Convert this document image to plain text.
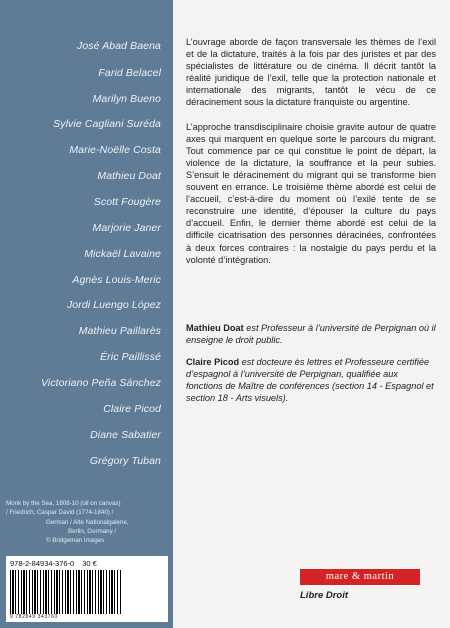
José Abad Baena
Farid Belacel
Marilyn Bueno
Sylvie Cagliani Suréda
Marie-Noëlle Costa
Mathieu Doat
Scott Fougère
Marjorie Janer
Mickaël Lavaine
Agnès Louis-Meric
Jordi Luengo López
Mathieu Paillarès
Éric Paillissé
Victoriano Peña Sánchez
Claire Picod
Diane Sabatier
Grégory Tuban
Monk by the Sea, 1808-10 (oil on canvas)
/ Friedrich, Caspar David (1774-1840) /
German / Alte Nationalgalerie,
Berlin, Germany /
© Bridgeman Images
978-2-84934-376-0 30 €
9 782849 343760

L’ouvrage aborde de façon transversale les thèmes de l’exil et de la dictature, traités à la fois par des juristes et par des spécialistes de littérature ou de cinéma. Il décrit tantôt la réalité juridique de l’exil, telle que la protection nationale et internationale des migrants, tantôt le vécu de ce déracinement sous la dictature franquiste ou argentine.

L’approche transdisciplinaire choisie gravite autour de quatre axes qui marquent en quelque sorte le parcours du migrant. Tout commence par ce qui constitue le point de départ, la violence de la dictature, la souffrance et la peur subies. S’ensuit le déracinement du migrant qui se transforme bien souvent en errance. Le troisième thème abordé est celui de l’accueil, c’est-à-dire du moment où l’exilé tente de se reconstruire une identité, d’épouser la culture du pays d’accueil. Enfin, le dernier thème abordé est celui de la difficile cicatrisation des personnes déracinées, confrontées à deux forces contraires : la nostalgie du pays perdu et la volonté d’intégration.

Mathieu Doat est Professeur à l’université de Perpignan où il enseigne le droit public.

Claire Picod est docteure ès lettres et Professeure certifiée d’espagnol à l’université de Perpignan, qualifiée aux fonctions de Maître de conférences (section 14 - Espagnol et section 18 - Arts visuels).

mare & martin
Libre Droit
